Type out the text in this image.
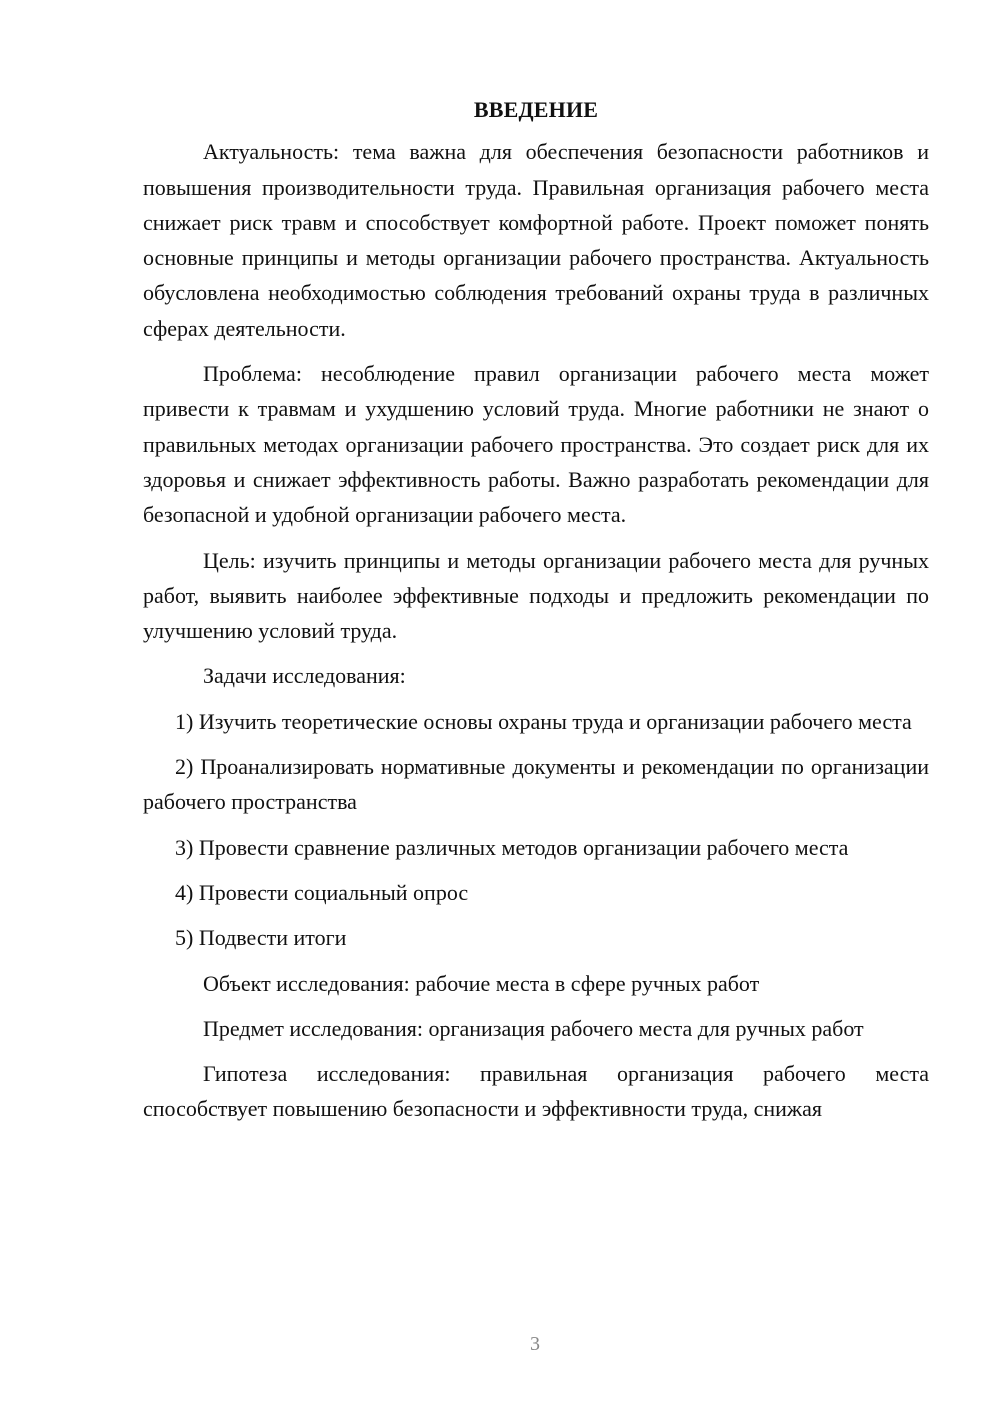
ВВЕДЕНИЕ

Актуальность: тема важна для обеспечения безопасности работников и повышения производительности труда. Правильная организация рабочего места снижает риск травм и способствует комфортной работе. Проект поможет понять основные принципы и методы организации рабочего пространства. Актуальность обусловлена необходимостью соблюдения требований охраны труда в различных сферах деятельности.

Проблема: несоблюдение правил организации рабочего места может привести к травмам и ухудшению условий труда. Многие работники не знают о правильных методах организации рабочего пространства. Это создает риск для их здоровья и снижает эффективность работы. Важно разработать рекомендации для безопасной и удобной организации рабочего места.

Цель: изучить принципы и методы организации рабочего места для ручных работ, выявить наиболее эффективные подходы и предложить рекомендации по улучшению условий труда.

Задачи исследования:

1) Изучить теоретические основы охраны труда и организации рабочего места

2) Проанализировать нормативные документы и рекомендации по организации рабочего пространства

3) Провести сравнение различных методов организации рабочего места

4) Провести социальный опрос

5) Подвести итоги

Объект исследования: рабочие места в сфере ручных работ

Предмет исследования: организация рабочего места для ручных работ

Гипотеза исследования: правильная организация рабочего места способствует повышению безопасности и эффективности труда, снижая

3
